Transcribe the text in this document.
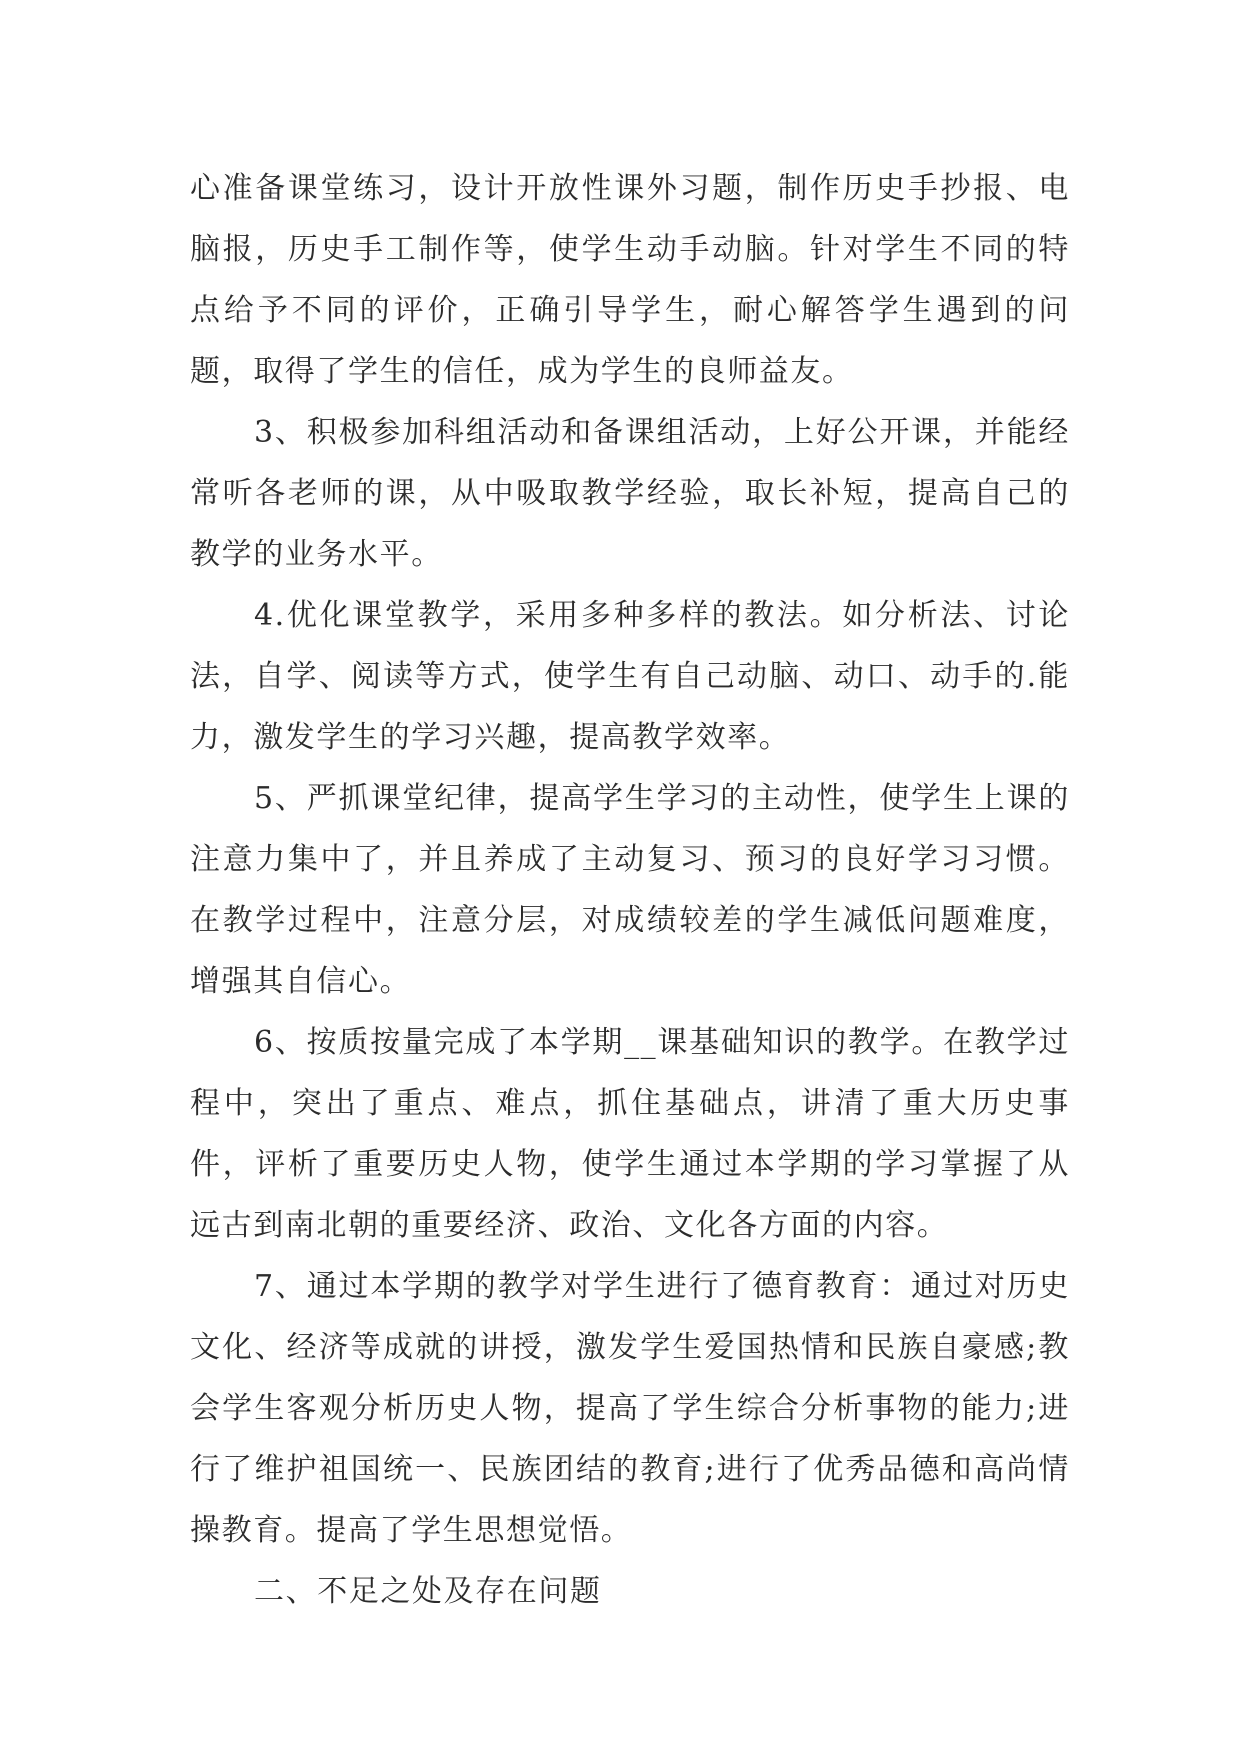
心准备课堂练习，设计开放性课外习题，制作历史手抄报、电脑报，历史手工制作等，使学生动手动脑。针对学生不同的特点给予不同的评价，正确引导学生，耐心解答学生遇到的问题，取得了学生的信任，成为学生的良师益友。

3、积极参加科组活动和备课组活动，上好公开课，并能经常听各老师的课，从中吸取教学经验，取长补短，提高自己的教学的业务水平。

4.优化课堂教学，采用多种多样的教法。如分析法、讨论法，自学、阅读等方式，使学生有自己动脑、动口、动手的.能力，激发学生的学习兴趣，提高教学效率。

5、严抓课堂纪律，提高学生学习的主动性，使学生上课的注意力集中了，并且养成了主动复习、预习的良好学习习惯。在教学过程中，注意分层，对成绩较差的学生减低问题难度，增强其自信心。

6、按质按量完成了本学期__课基础知识的教学。在教学过程中，突出了重点、难点，抓住基础点，讲清了重大历史事件，评析了重要历史人物，使学生通过本学期的学习掌握了从远古到南北朝的重要经济、政治、文化各方面的内容。

7、通过本学期的教学对学生进行了德育教育：通过对历史文化、经济等成就的讲授，激发学生爱国热情和民族自豪感;教会学生客观分析历史人物，提高了学生综合分析事物的能力;进行了维护祖国统一、民族团结的教育;进行了优秀品德和高尚情操教育。提高了学生思想觉悟。

二、不足之处及存在问题
